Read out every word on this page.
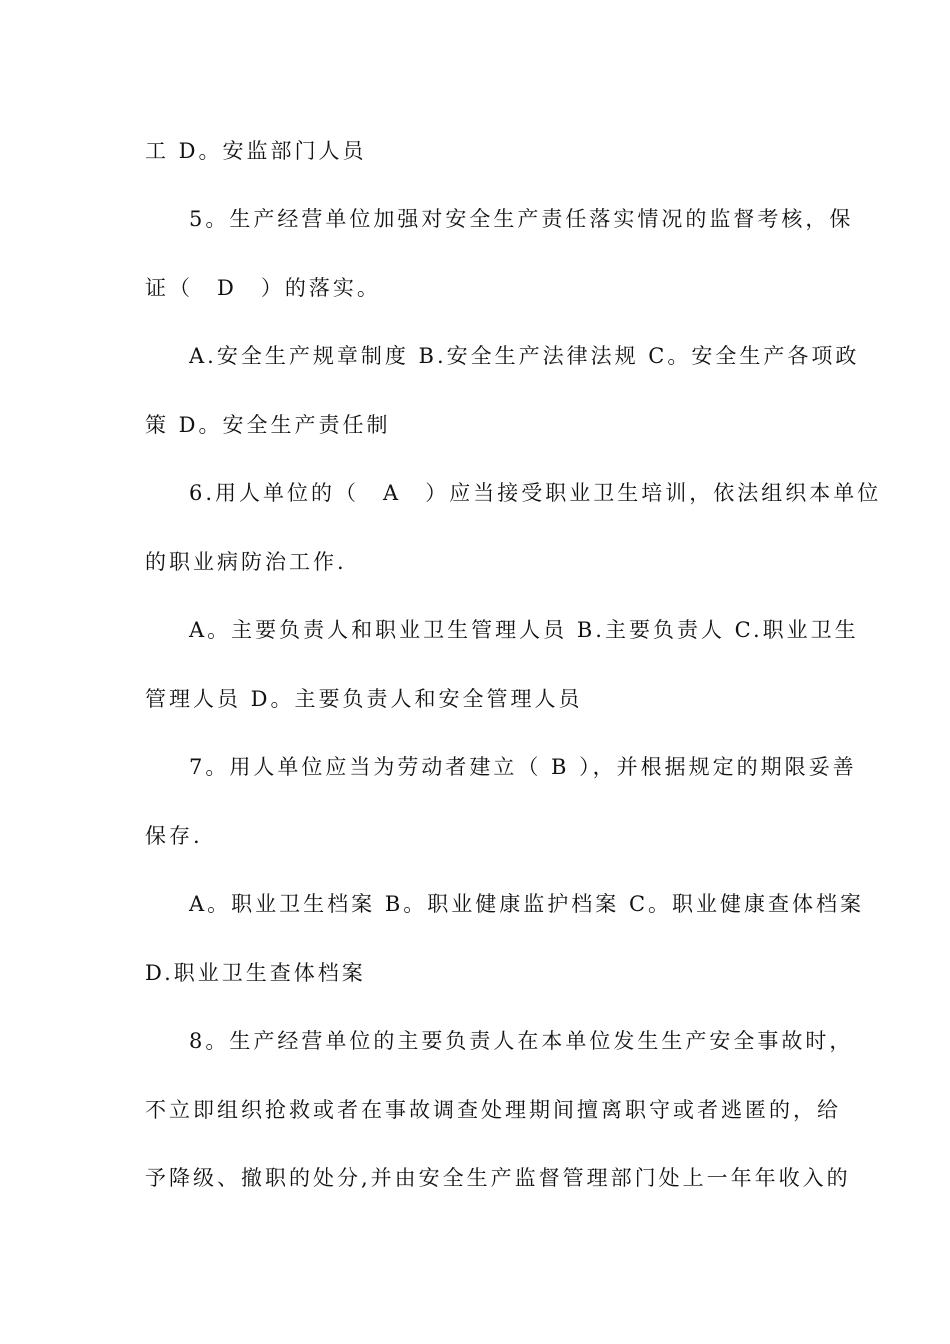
工 D。安监部门人员
5。生产经营单位加强对安全生产责任落实情况的监督考核，保
证（　D　）的落实。
A.安全生产规章制度 B.安全生产法律法规 C。安全生产各项政
策 D。安全生产责任制
6.用人单位的（　A　）应当接受职业卫生培训，依法组织本单位
的职业病防治工作.
A。主要负责人和职业卫生管理人员 B.主要负责人 C.职业卫生
管理人员 D。主要负责人和安全管理人员
7。用人单位应当为劳动者建立（ B ），并根据规定的期限妥善
保存.
A。职业卫生档案 B。职业健康监护档案 C。职业健康查体档案
D.职业卫生查体档案
8。生产经营单位的主要负责人在本单位发生生产安全事故时，
不立即组织抢救或者在事故调查处理期间擅离职守或者逃匿的，给
予降级、撤职的处分,并由安全生产监督管理部门处上一年年收入的
